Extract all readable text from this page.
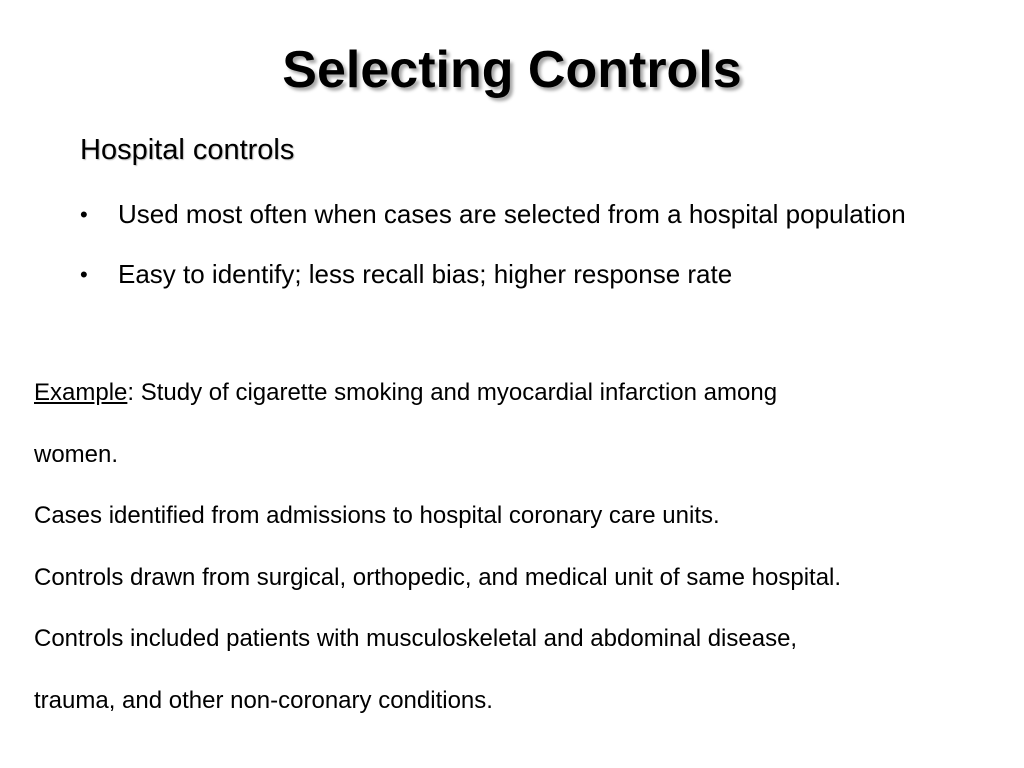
Selecting Controls
Hospital controls
•	Used most often when cases are selected from a hospital population
•	Easy to identify; less recall bias; higher response rate
Example: Study of cigarette smoking and myocardial infarction among
women.
Cases identified from admissions to hospital coronary care units.
Controls drawn from surgical, orthopedic, and medical unit of same hospital.
Controls included patients with musculoskeletal and abdominal disease,
trauma, and other non-coronary conditions.
